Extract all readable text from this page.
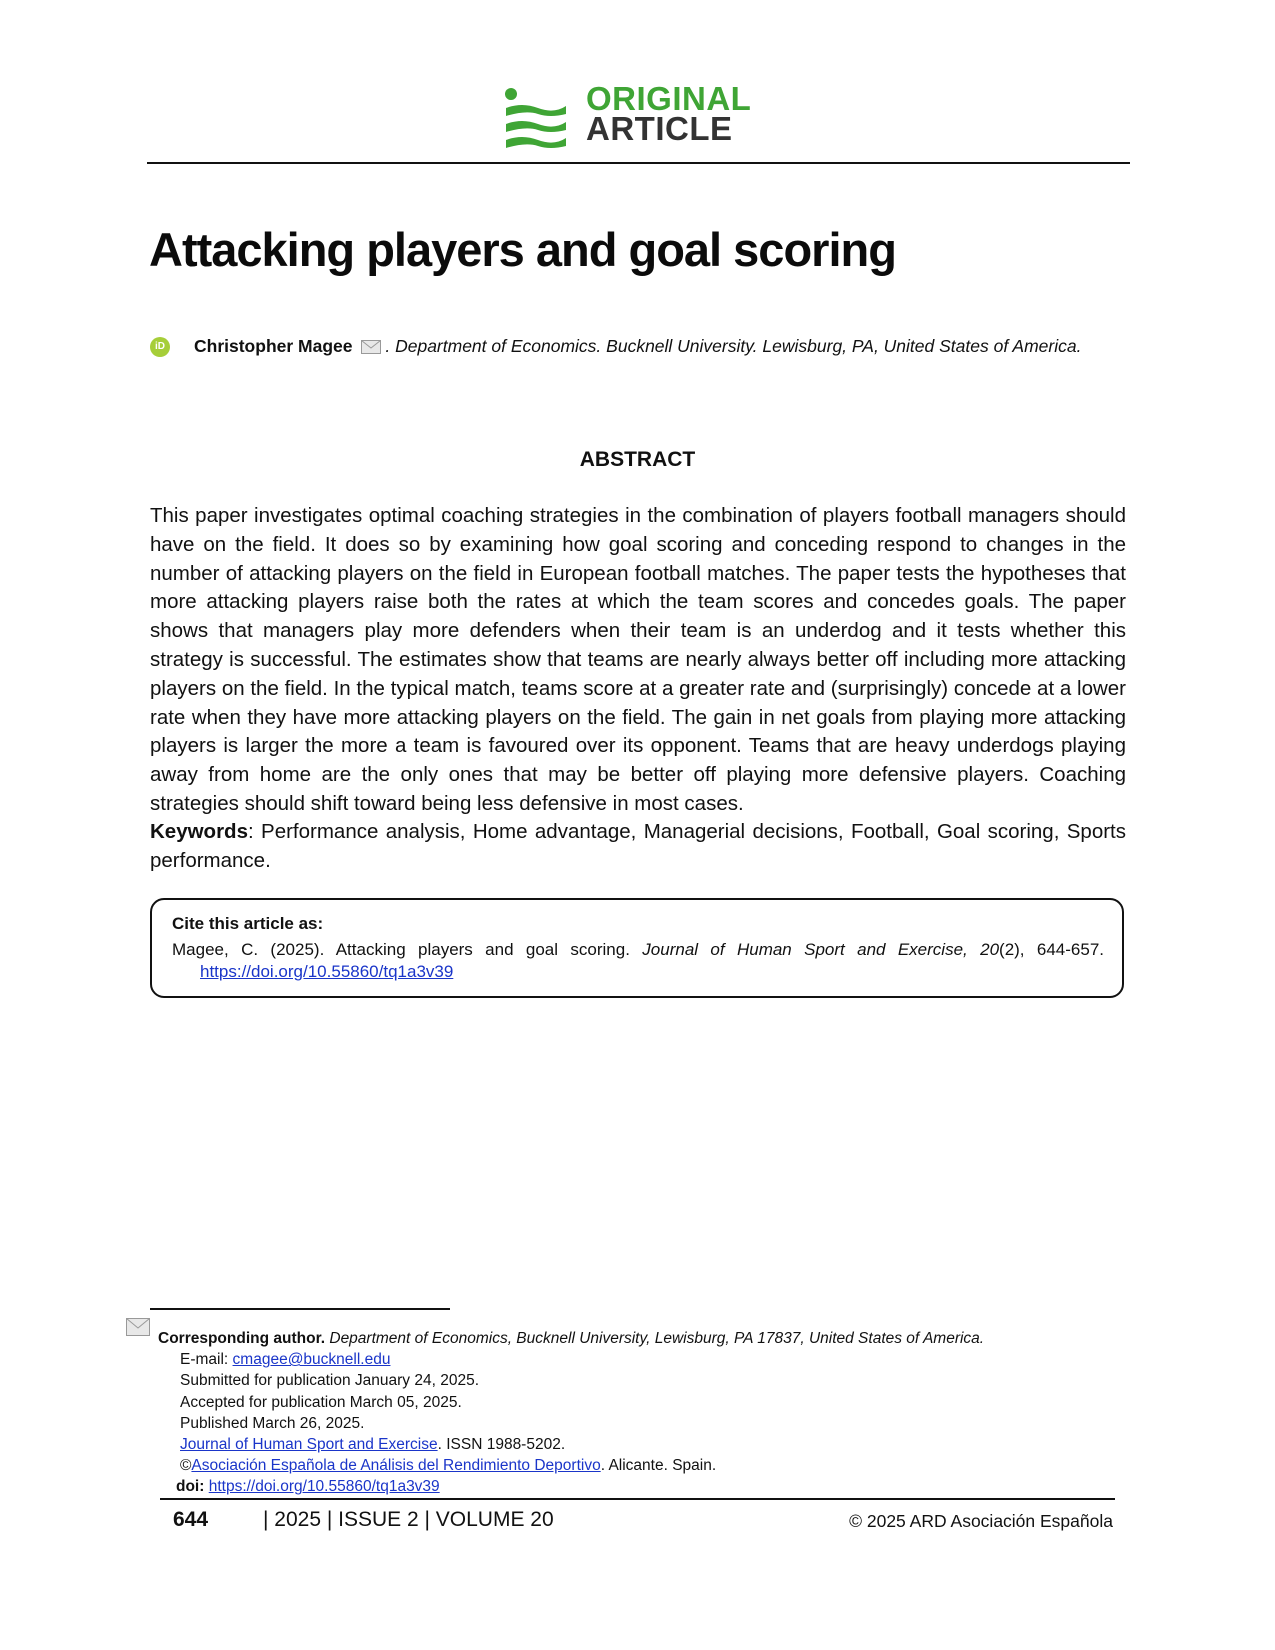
ORIGINAL
ARTICLE
Attacking players and goal scoring
iD Christopher Magee . Department of Economics. Bucknell University. Lewisburg, PA, United States of America.
ABSTRACT

This paper investigates optimal coaching strategies in the combination of players football managers should have on the field. It does so by examining how goal scoring and conceding respond to changes in the number of attacking players on the field in European football matches. The paper tests the hypotheses that more attacking players raise both the rates at which the team scores and concedes goals. The paper shows that managers play more defenders when their team is an underdog and it tests whether this strategy is successful. The estimates show that teams are nearly always better off including more attacking players on the field. In the typical match, teams score at a greater rate and (surprisingly) concede at a lower rate when they have more attacking players on the field. The gain in net goals from playing more attacking players is larger the more a team is favoured over its opponent. Teams that are heavy underdogs playing away from home are the only ones that may be better off playing more defensive players. Coaching strategies should shift toward being less defensive in most cases.

Keywords: Performance analysis, Home advantage, Managerial decisions, Football, Goal scoring, Sports performance.

Cite this article as:
Magee, C. (2025). Attacking players and goal scoring. Journal of Human Sport and Exercise, 20(2), 644-657.
https://doi.org/10.55860/tq1a3v39
Corresponding author. Department of Economics, Bucknell University, Lewisburg, PA 17837, United States of America.
E-mail: cmagee@bucknell.edu
Submitted for publication January 24, 2025.
Accepted for publication March 05, 2025.
Published March 26, 2025.
Journal of Human Sport and Exercise. ISSN 1988-5202.
©Asociación Española de Análisis del Rendimiento Deportivo. Alicante. Spain.
doi: https://doi.org/10.55860/tq1a3v39
644	| 2025 | ISSUE 2 | VOLUME 20	© 2025 ARD Asociación Española
